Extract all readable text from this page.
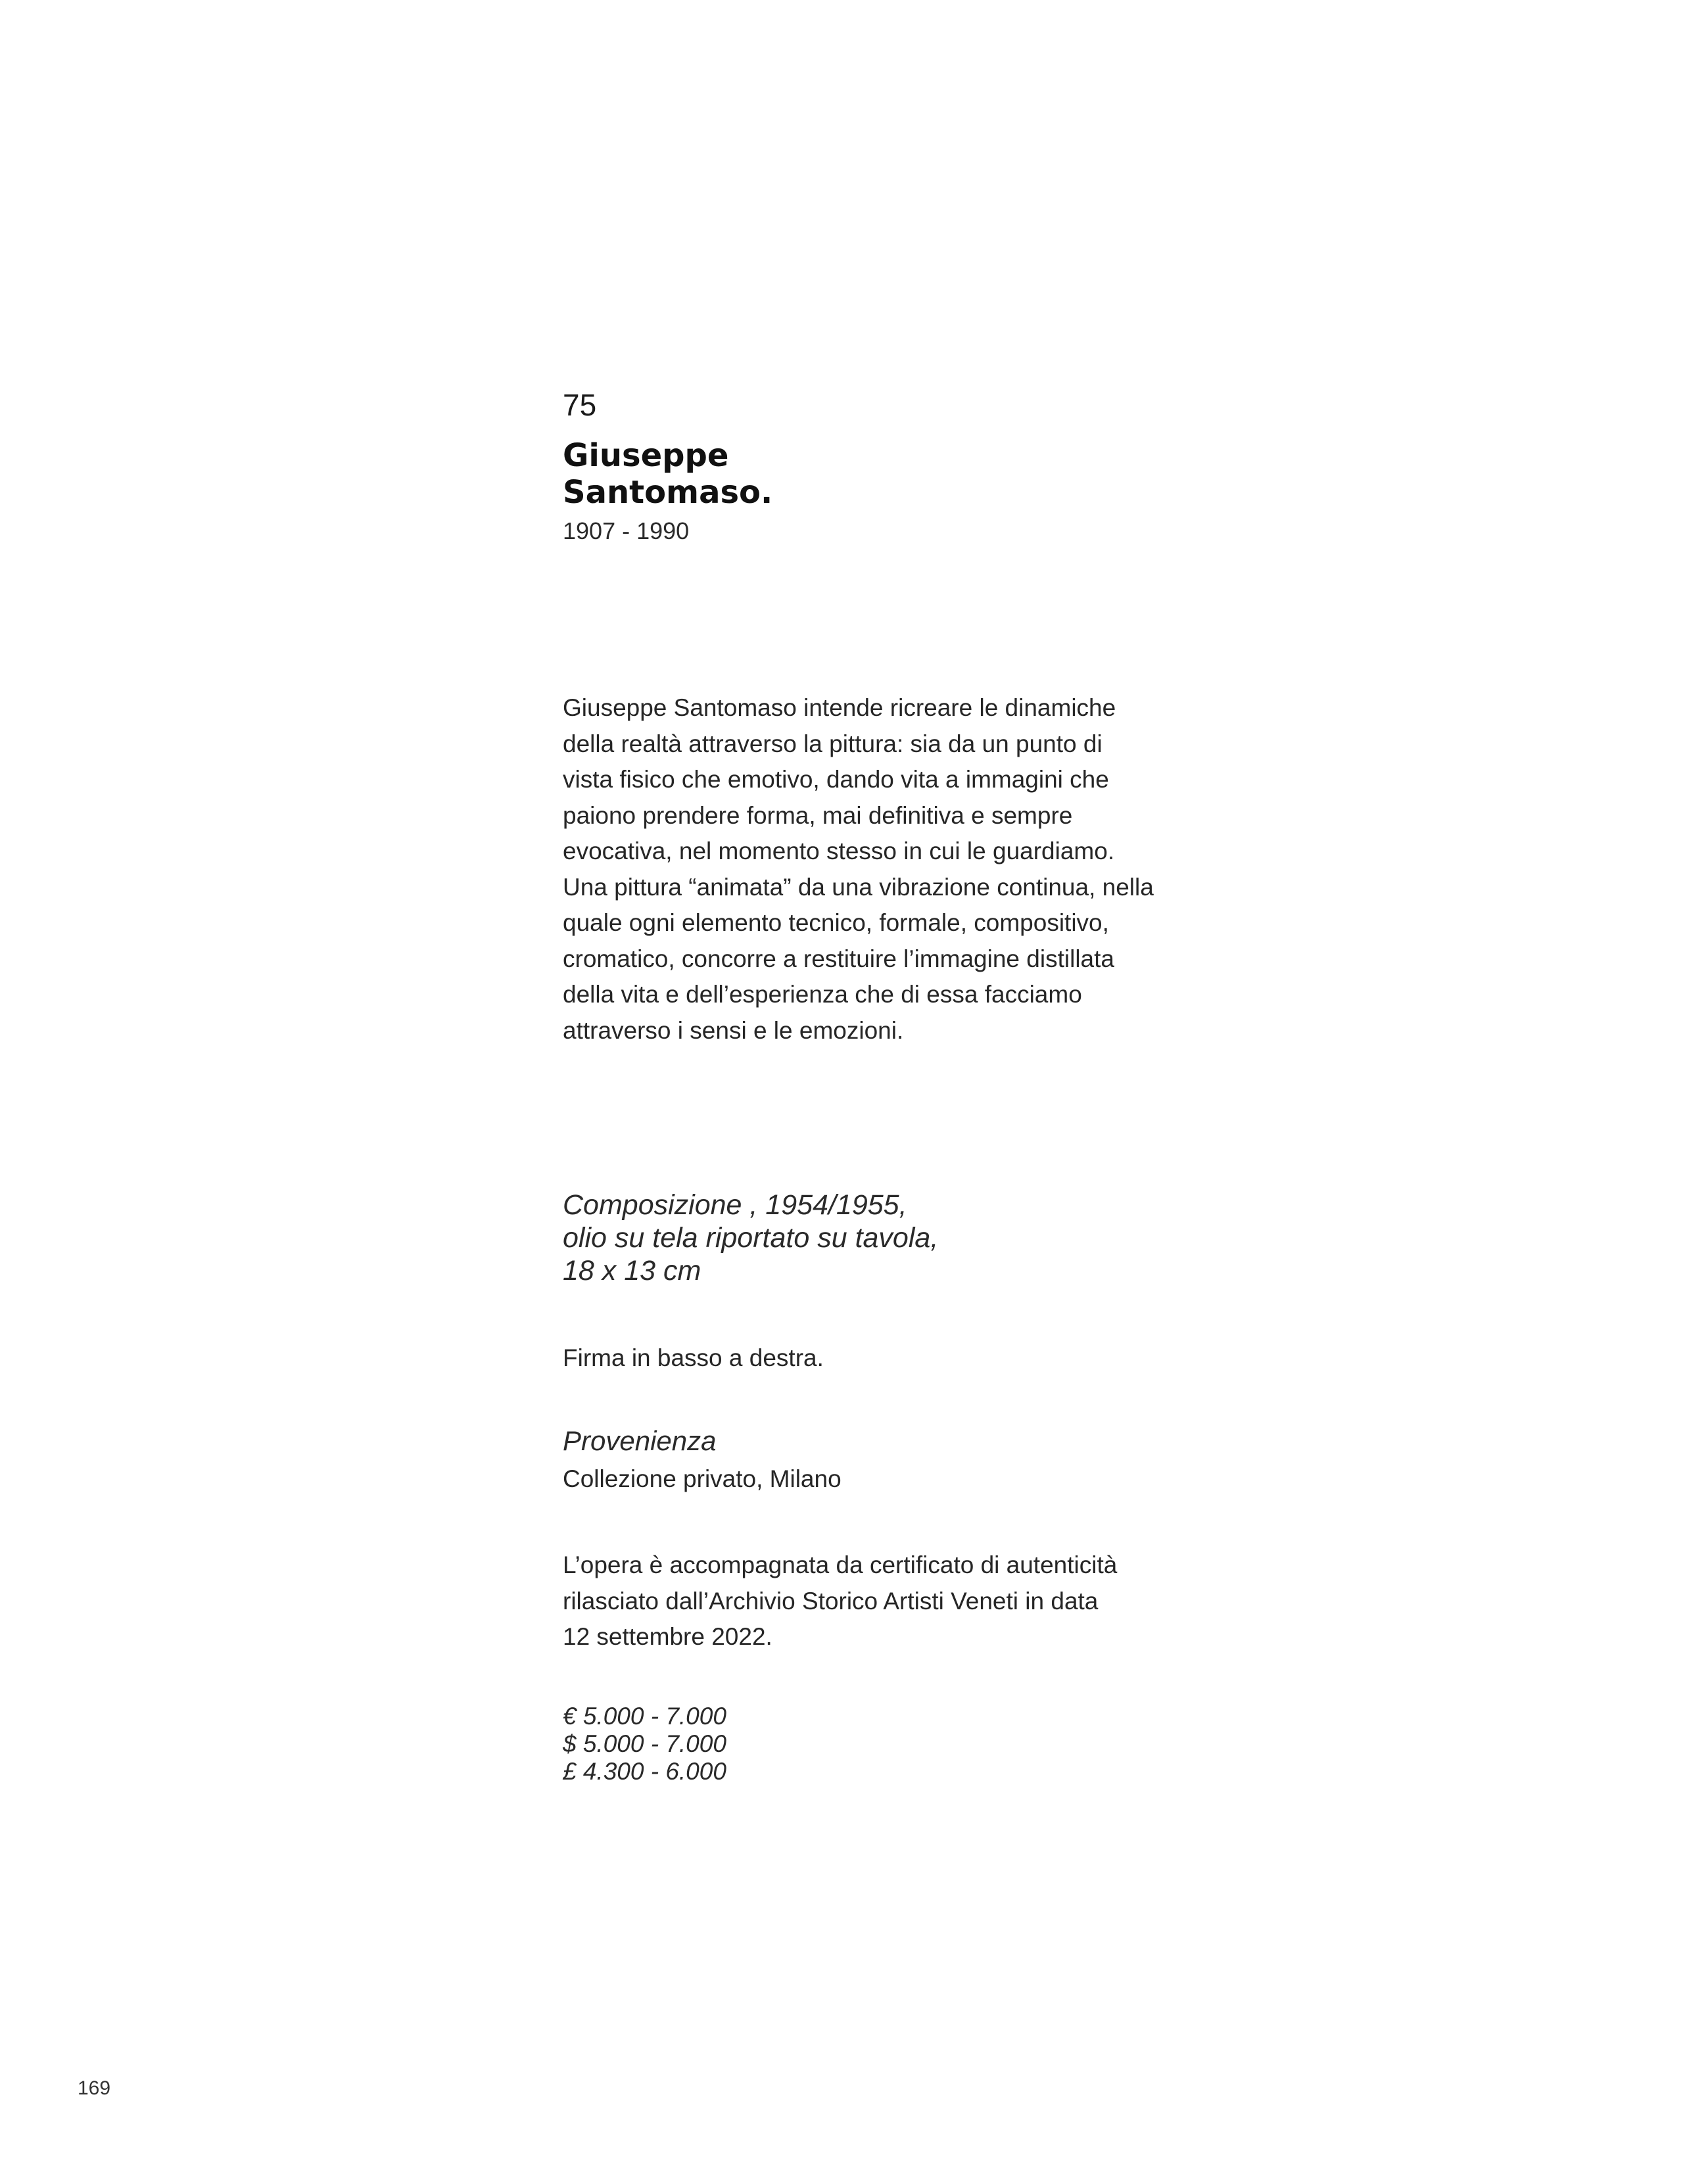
75
Giuseppe
Santomaso.
1907 - 1990
Giuseppe Santomaso intende ricreare le dinamiche
della realtà attraverso la pittura: sia da un punto di
vista fisico che emotivo, dando vita a immagini che
paiono prendere forma, mai definitiva e sempre
evocativa, nel momento stesso in cui le guardiamo.
Una pittura “animata” da una vibrazione continua, nella
quale ogni elemento tecnico, formale, compositivo,
cromatico, concorre a restituire l’immagine distillata
della vita e dell’esperienza che di essa facciamo
attraverso i sensi e le emozioni.
Composizione , 1954/1955,
olio su tela riportato su tavola,
18 x 13 cm
Firma in basso a destra.
Provenienza
Collezione privato, Milano
L’opera è accompagnata da certificato di autenticità
rilasciato dall’Archivio Storico Artisti Veneti in data
12 settembre 2022.
€ 5.000 - 7.000
$ 5.000 - 7.000
£ 4.300 - 6.000
169
